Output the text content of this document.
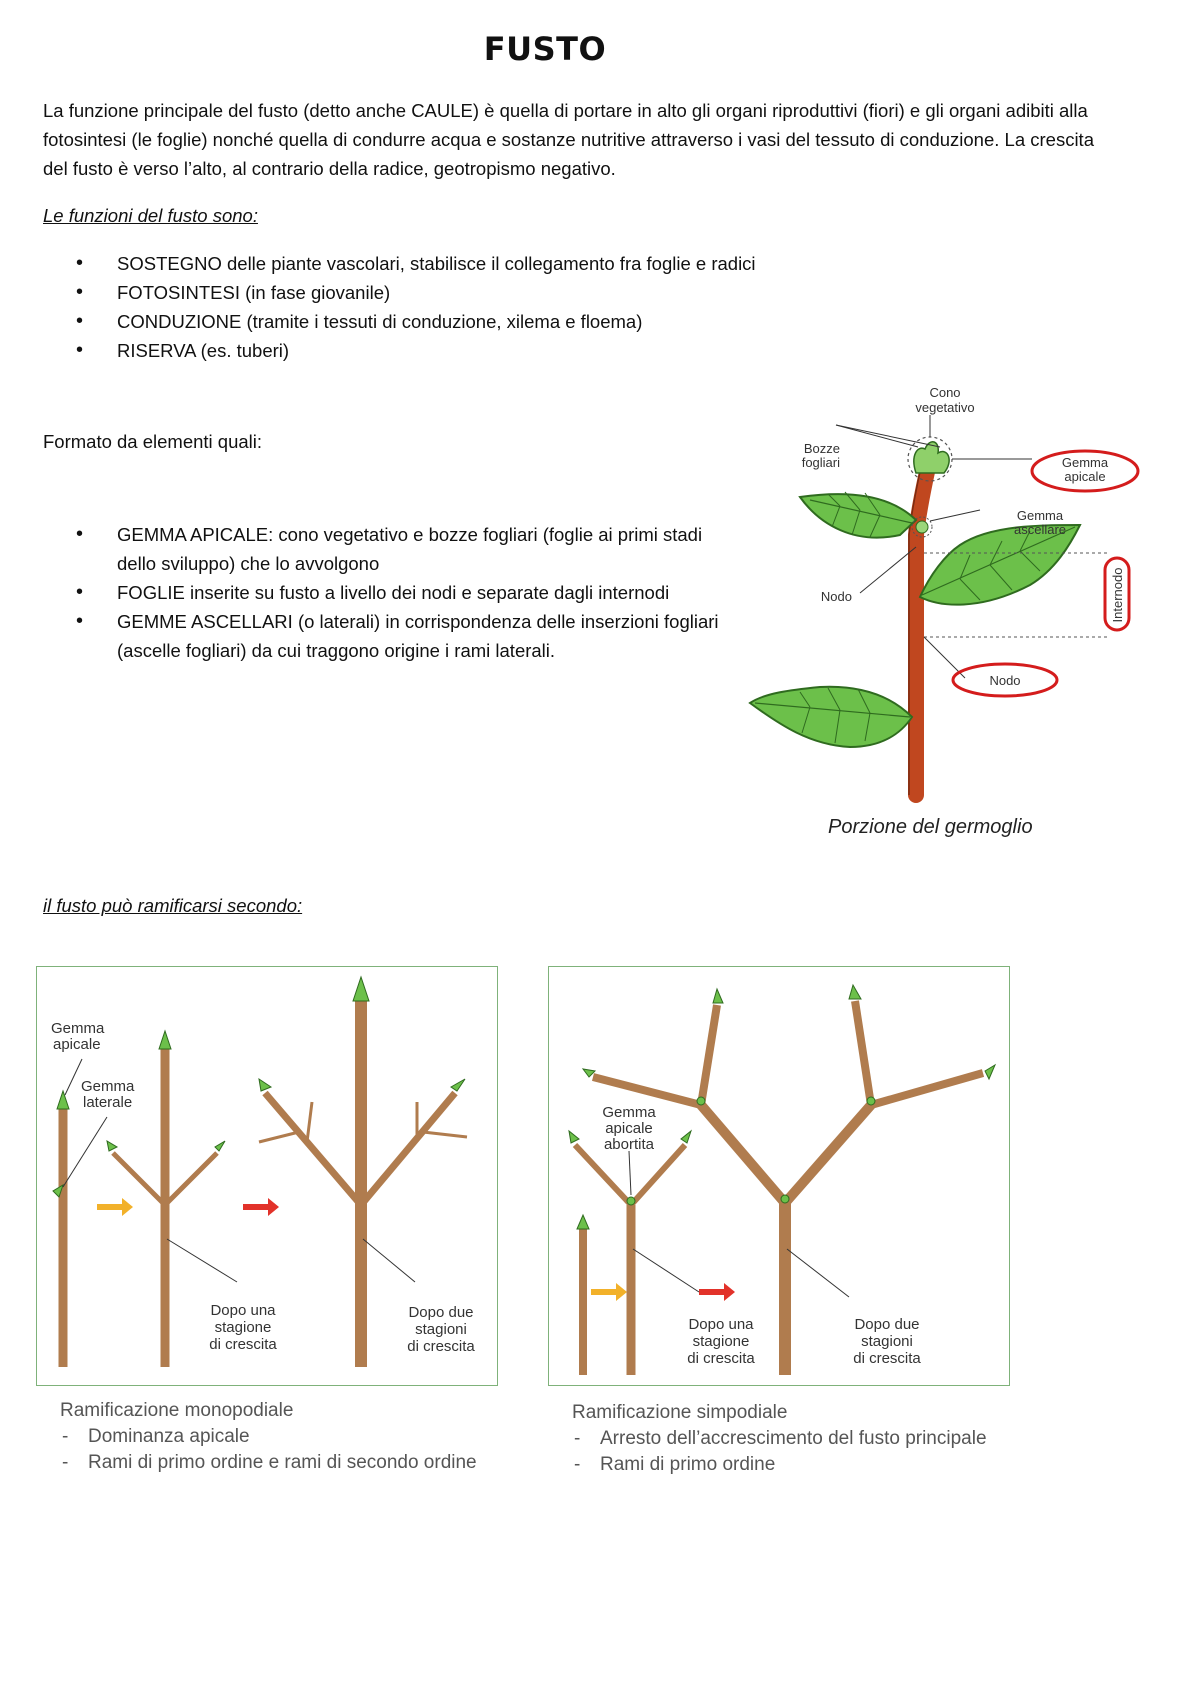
FUSTO
La funzione principale del fusto (detto anche CAULE) è quella di portare in alto gli organi riproduttivi (fiori) e gli organi adibiti alla fotosintesi (le foglie) nonché quella di condurre acqua e sostanze nutritive attraverso i vasi del tessuto di conduzione. La crescita del fusto è verso l’alto, al contrario della radice, geotropismo negativo.
Le funzioni del fusto sono:
• SOSTEGNO delle piante vascolari, stabilisce il collegamento fra foglie e radici
• FOTOSINTESI (in fase giovanile)
• CONDUZIONE (tramite i tessuti di conduzione, xilema e floema)
• RISERVA (es. tuberi)
Formato da elementi quali:
• GEMMA APICALE: cono vegetativo e bozze fogliari (foglie ai primi stadi dello sviluppo) che lo avvolgono
• FOGLIE inserite su fusto a livello dei nodi e separate dagli internodi
• GEMME ASCELLARI (o laterali) in corrispondenza delle inserzioni fogliari (ascelle fogliari) da cui traggono origine i rami laterali.
Cono
vegetativo
Bozze
fogliari	Gemma
apicale
Gemma
ascellare
Nodo	Internodo
Nodo
Porzione del germoglio
il fusto può ramificarsi secondo:
Gemma
apicale
Gemma
laterale
Dopo una
stagione
di crescita
Dopo due
stagioni
di crescita
Ramificazione monopodiale
- Dominanza apicale
- Rami di primo ordine e rami di secondo ordine
Gemma
apicale
abortita
Dopo una
stagione
di crescita
Dopo due
stagioni
di crescita
Ramificazione simpodiale
- Arresto dell’accrescimento del fusto principale
- Rami di primo ordine
